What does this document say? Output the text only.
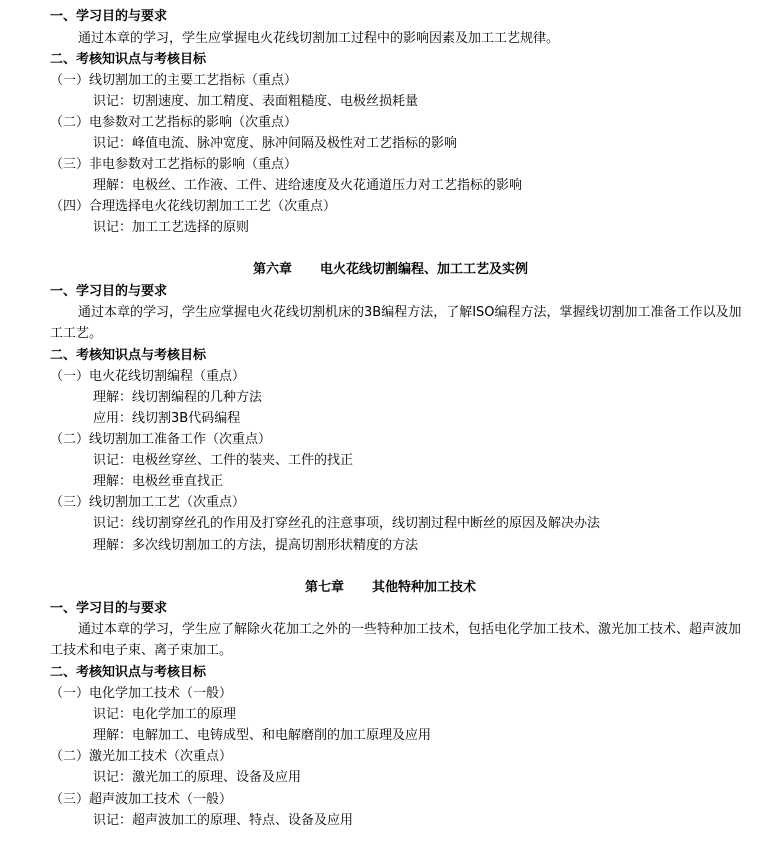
一、学习目的与要求
通过本章的学习，学生应掌握电火花线切割加工过程中的影响因素及加工工艺规律。
二、考核知识点与考核目标
（一）线切割加工的主要工艺指标（重点）
识记：切割速度、加工精度、表面粗糙度、电极丝损耗量
（二）电参数对工艺指标的影响（次重点）
识记：峰值电流、脉冲宽度、脉冲间隔及极性对工艺指标的影响
（三）非电参数对工艺指标的影响（重点）
理解：电极丝、工作液、工件、进给速度及火花通道压力对工艺指标的影响
（四）合理选择电火花线切割加工工艺（次重点）
识记：加工工艺选择的原则
第六章 电火花线切割编程、加工工艺及实例
一、学习目的与要求
通过本章的学习，学生应掌握电火花线切割机床的3B编程方法，了解ISO编程方法，掌握线切割加工准备工作以及加工工艺。
二、考核知识点与考核目标
（一）电火花线切割编程（重点）
理解：线切割编程的几种方法
应用：线切割3B代码编程
（二）线切割加工准备工作（次重点）
识记：电极丝穿丝、工件的装夹、工件的找正
理解：电极丝垂直找正
（三）线切割加工工艺（次重点）
识记：线切割穿丝孔的作用及打穿丝孔的注意事项，线切割过程中断丝的原因及解决办法
理解：多次线切割加工的方法，提高切割形状精度的方法
第七章 其他特种加工技术
一、学习目的与要求
通过本章的学习，学生应了解除火花加工之外的一些特种加工技术，包括电化学加工技术、激光加工技术、超声波加工技术和电子束、离子束加工。
二、考核知识点与考核目标
（一）电化学加工技术（一般）
识记：电化学加工的原理
理解：电解加工、电铸成型、和电解磨削的加工原理及应用
（二）激光加工技术（次重点）
识记：激光加工的原理、设备及应用
（三）超声波加工技术（一般）
识记：超声波加工的原理、特点、设备及应用
